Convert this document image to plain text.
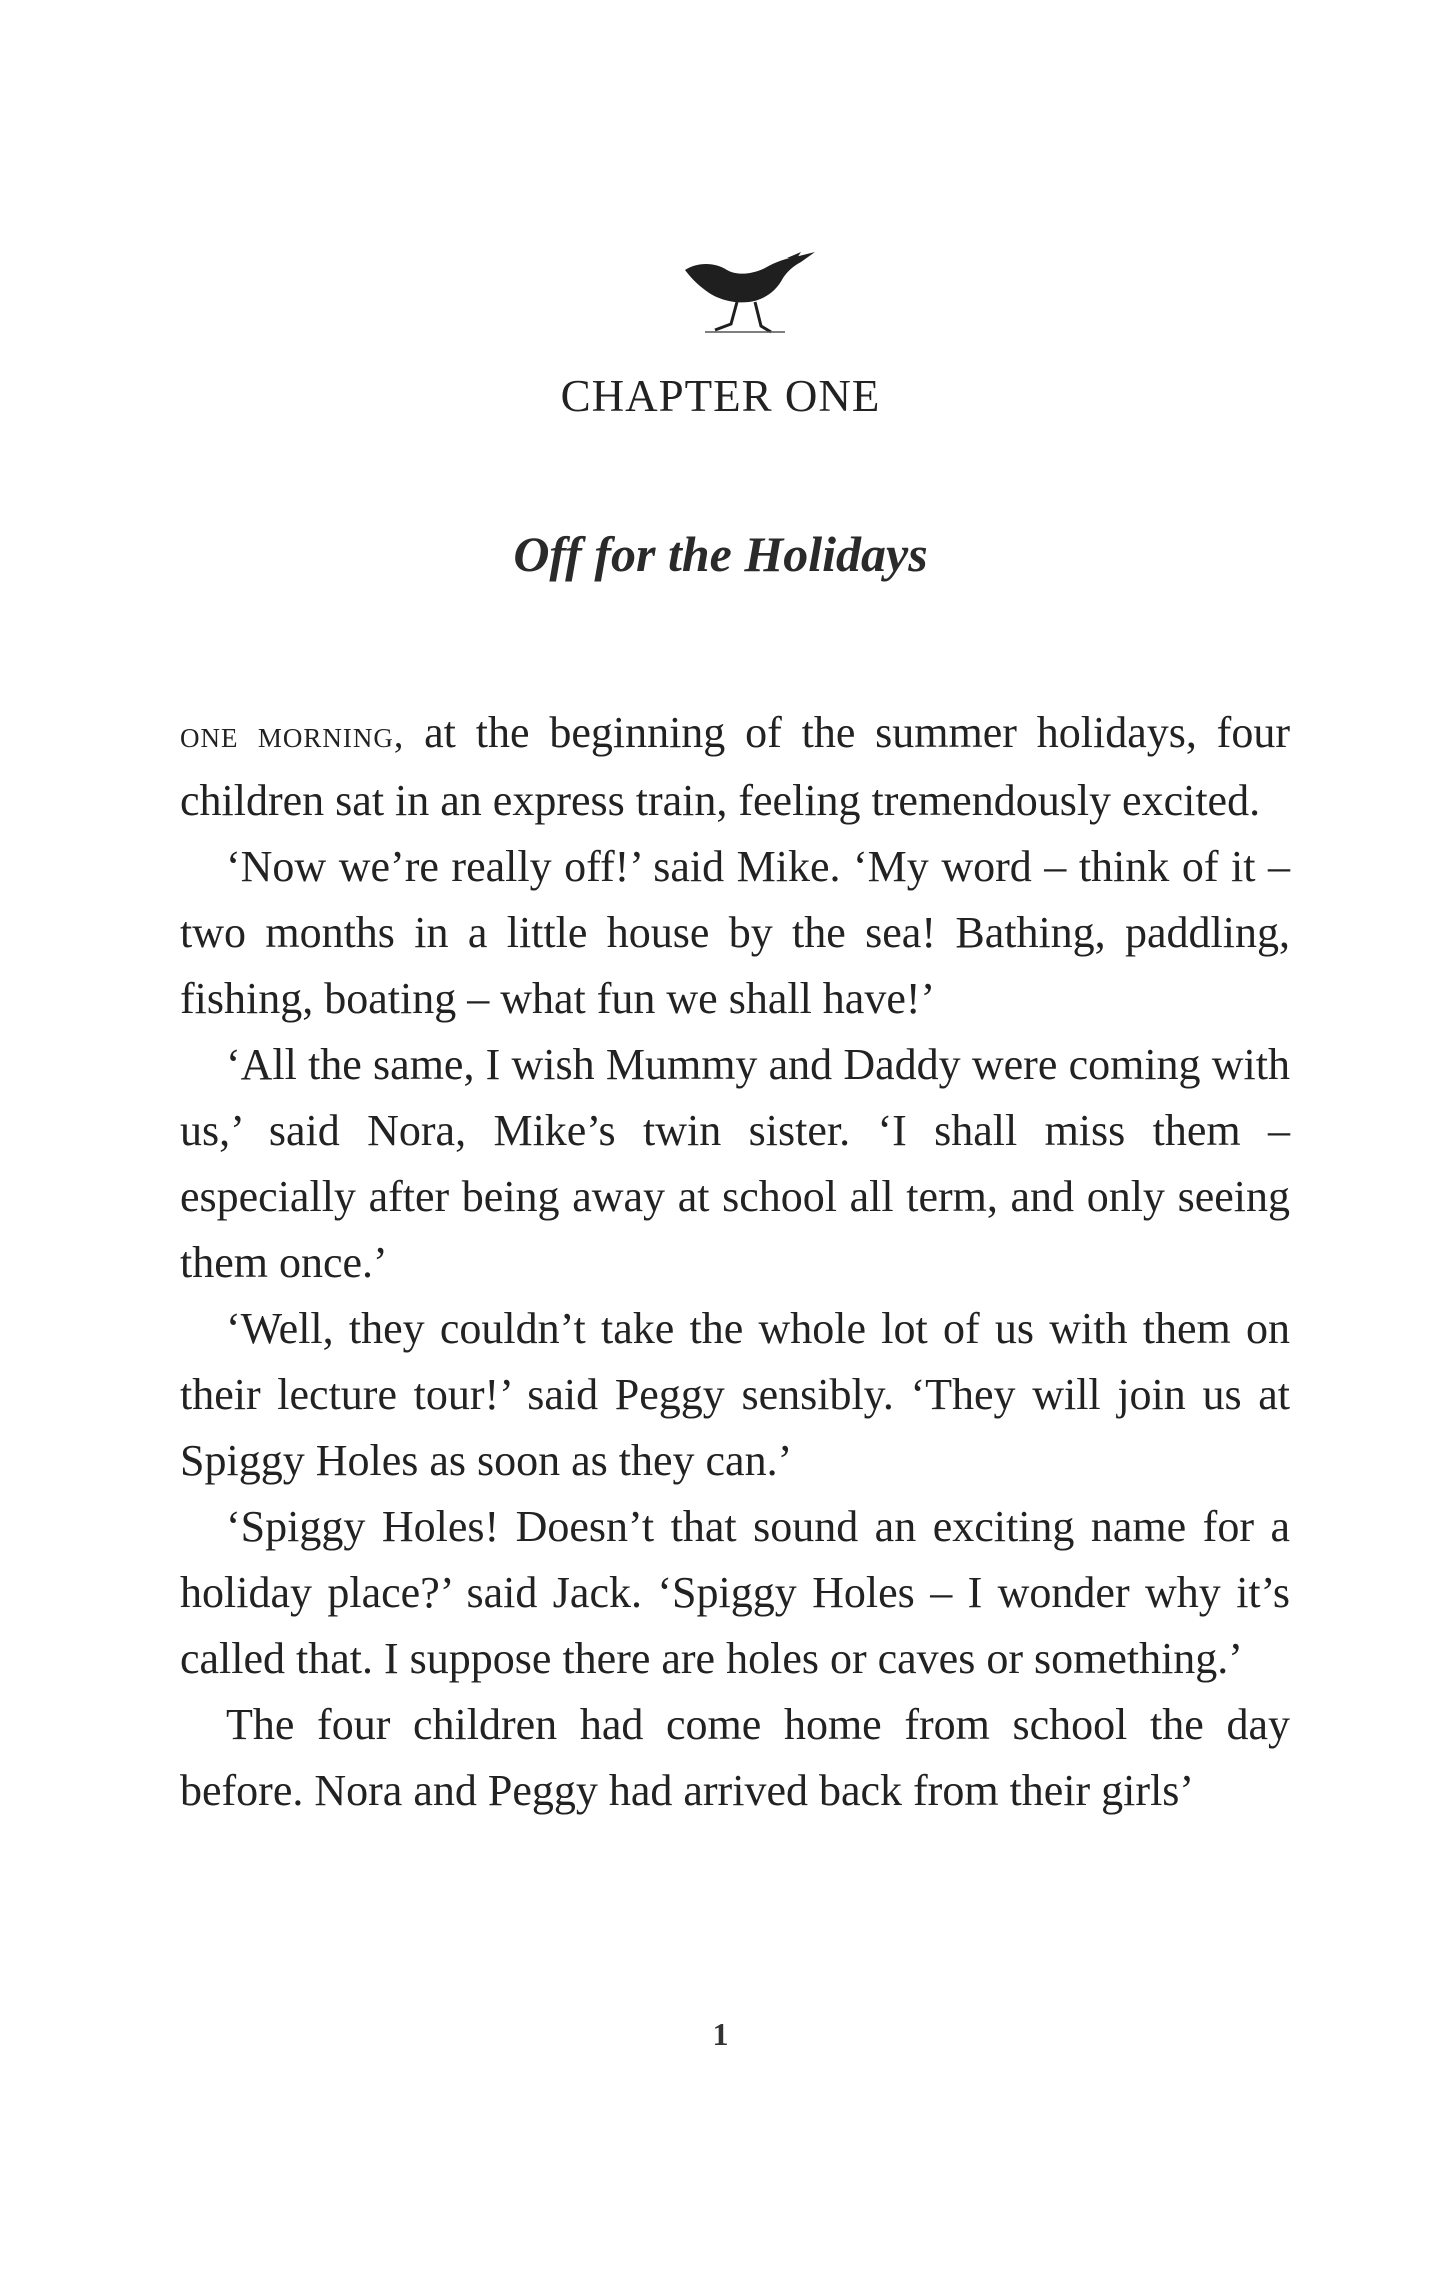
CHAPTER ONE
Off for the Holidays

one morning, at the beginning of the summer holidays, four children sat in an express train, feeling tremendously excited.

‘Now we’re really off!’ said Mike. ‘My word – think of it – two months in a little house by the sea! Bathing, paddling, fishing, boating – what fun we shall have!’

‘All the same, I wish Mummy and Daddy were coming with us,’ said Nora, Mike’s twin sister. ‘I shall miss them – especially after being away at school all term, and only seeing them once.’

‘Well, they couldn’t take the whole lot of us with them on their lecture tour!’ said Peggy sensibly. ‘They will join us at Spiggy Holes as soon as they can.’

‘Spiggy Holes! Doesn’t that sound an exciting name for a holiday place?’ said Jack. ‘Spiggy Holes – I wonder why it’s called that. I suppose there are holes or caves or something.’

The four children had come home from school the day before. Nora and Peggy had arrived back from their girls’

1
